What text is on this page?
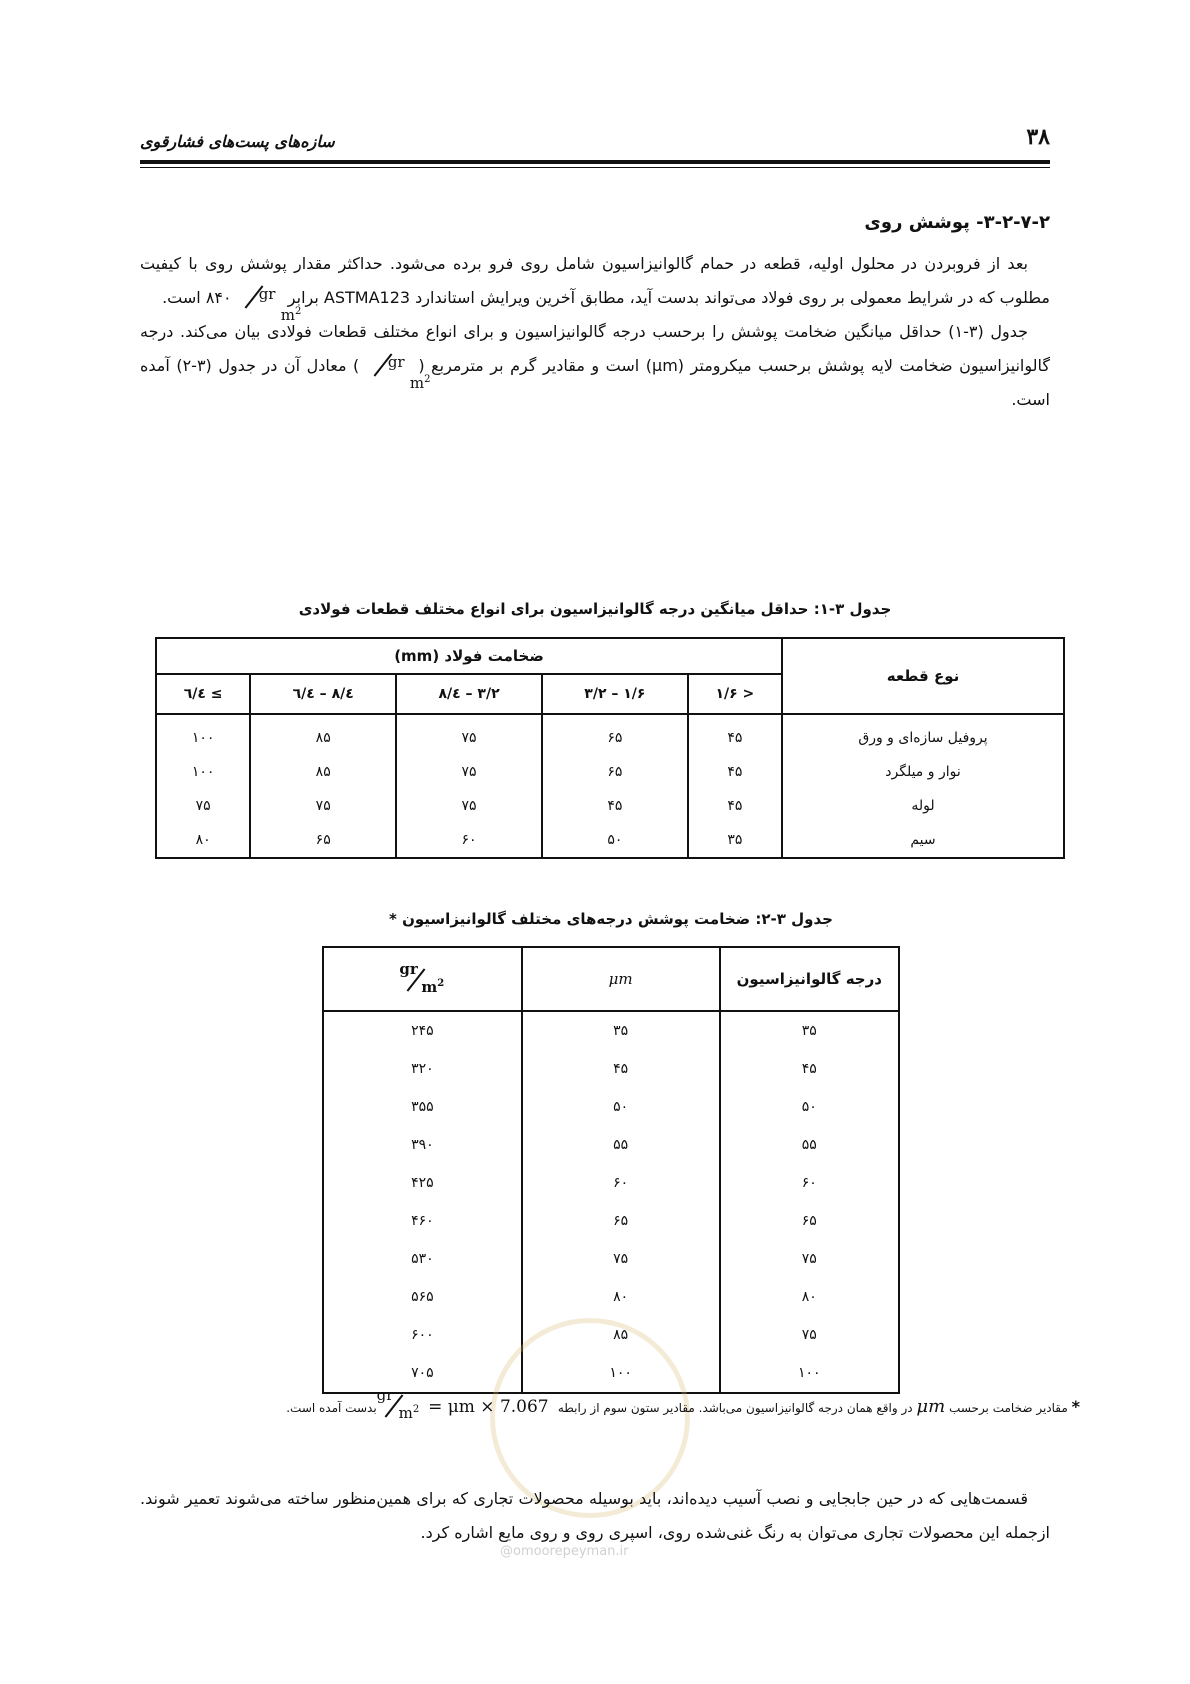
۳۸
سازه‌های پست‌های فشارقوی
۳-۲-۷-۲- پوشش روی

بعد از فروبردن در محلول اولیه، قطعه در حمام گالوانیزاسیون شامل روی فرو برده می‌شود. حداکثر مقدار پوشش روی با کیفیت مطلوب که در شرایط معمولی بر روی فولاد می‌تواند بدست آید، مطابق آخرین ویرایش استاندارد ASTMA123 برابر
gr
$m^2$
۸۴۰ است.

جدول (۳-۱) حداقل میانگین ضخامت پوشش را برحسب درجه گالوانیزاسیون و برای انواع مختلف قطعات فولادی بیان می‌کند. درجه گالوانیزاسیون ضخامت لایه پوشش برحسب میکرومتر (μm) است و مقادیر گرم بر مترمربع (
gr
$m^2$
) معادل آن در جدول (۳-۲) آمده است.

جدول ۳-۱: حداقل میانگین درجه گالوانیزاسیون برای انواع مختلف قطعات فولادی
نوع قطعه	ضخامت فولاد (mm)				
	< ۱/۶	۱/۶ – ۳/۲	۳/۲ – ٤/۸	٤/۸ – ٦/٤	≥ ٦/٤
پروفیل سازه‌ای و ورق	۴۵	۶۵	۷۵	۸۵	۱۰۰
نوار و میلگرد	۴۵	۶۵	۷۵	۸۵	۱۰۰
لوله	۴۵	۴۵	۷۵	۷۵	۷۵
سیم	۳۵	۵۰	۶۰	۶۵	۸۰
جدول ۳-۲: ضخامت پوشش درجه‌های مختلف گالوانیزاسیون *
درجه گالوانیزاسیون	μm	gr
$m^2$

۳۵	۳۵	۲۴۵
۴۵	۴۵	۳۲۰
۵۰	۵۰	۳۵۵
۵۵	۵۵	۳۹۰
۶۰	۶۰	۴۲۵
۶۵	۶۵	۴۶۰
۷۵	۷۵	۵۳۰
۸۰	۸۰	۵۶۵
۷۵	۸۵	۶۰۰
۱۰۰	۱۰۰	۷۰۵
* مقادیر ضخامت برحسب μm در واقع همان درجه گالوانیزاسیون می‌باشد. مقادیر ستون سوم از رابطه
gr
$m^2 = \mu m \times 7.067$ بدست آمده است.

قسمت‌هایی که در حین جابجایی و نصب آسیب دیده‌اند، باید بوسیله محصولات تجاری که برای همین‌منظور ساخته می‌شوند تعمیر شوند. ازجمله این محصولات تجاری می‌توان به رنگ غنی‌شده روی، اسپری روی و روی مایع اشاره کرد.

@omoorepeyman.ir
